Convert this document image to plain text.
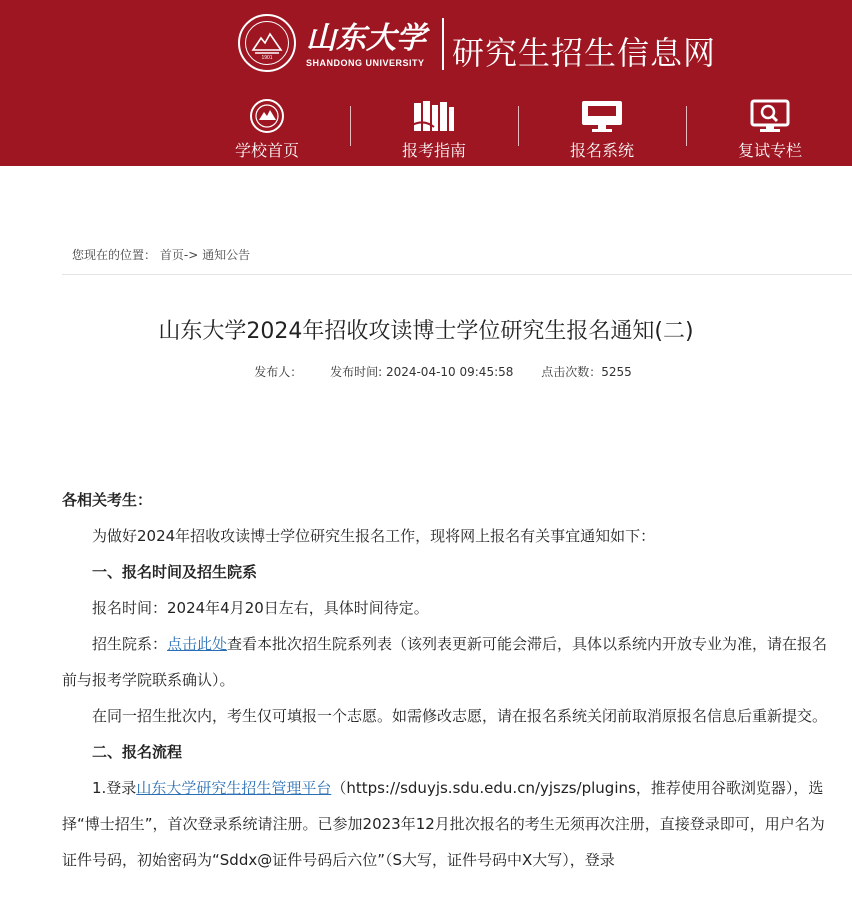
1901
山东大学
SHANDONG UNIVERSITY 研究生招生信息网
学校首页	报考指南	报名系统	复试专栏
您现在的位置： 首页-> 通知公告
山东大学2024年招收攻读博士学位研究生报名通知(二)
发布人： 发布时间: 2024-04-10 09:45:58 点击次数：5255

各相关考生：

为做好2024年招收攻读博士学位研究生报名工作，现将网上报名有关事宜通知如下：

一、报名时间及招生院系

报名时间：2024年4月20日左右，具体时间待定。

招生院系：点击此处查看本批次招生院系列表（该列表更新可能会滞后，具体以系统内开放专业为准，请在报名前与报考学院联系确认）。

在同一招生批次内，考生仅可填报一个志愿。如需修改志愿，请在报名系统关闭前取消原报名信息后重新提交。

二、报名流程

1.登录山东大学研究生招生管理平台（https://sduyjs.sdu.edu.cn/yjszs/plugins，推荐使用谷歌浏览器），选择“博士招生”，首次登录系统请注册。已参加2023年12月批次报名的考生无须再次注册，直接登录即可，用户名为证件号码，初始密码为“Sddx@证件号码后六位”（S大写，证件号码中X大写），登录
